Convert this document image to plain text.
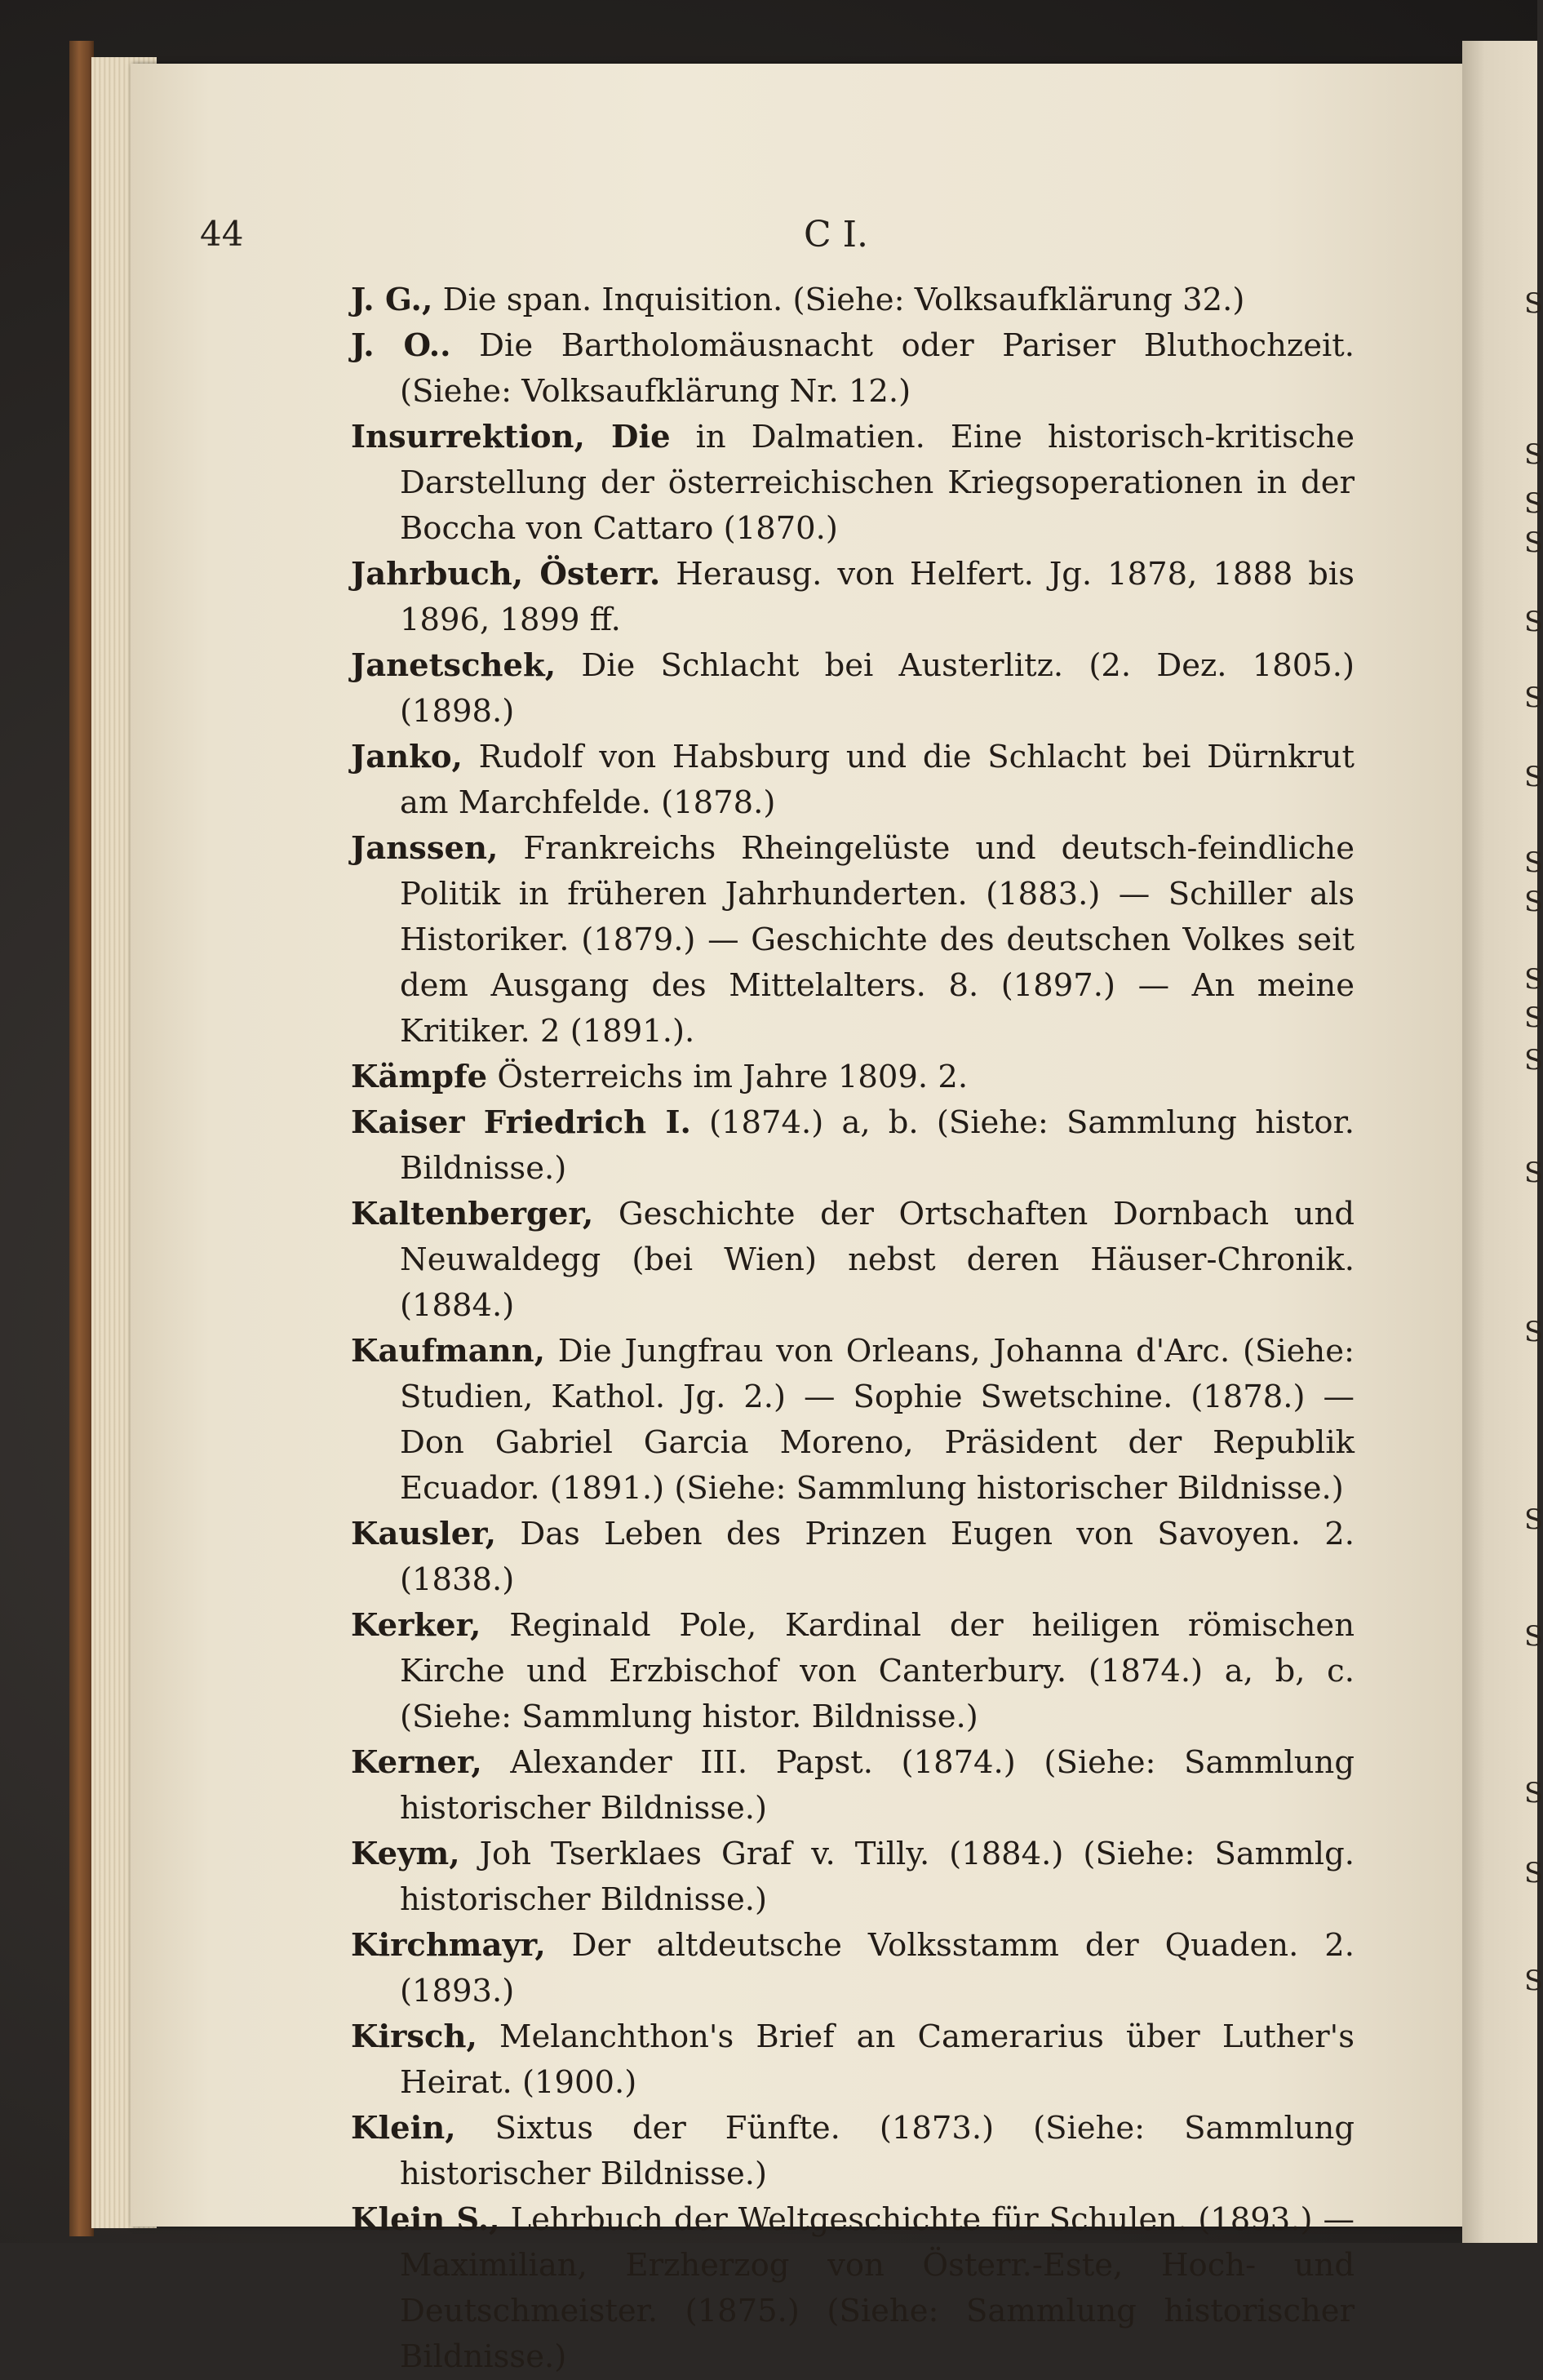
S
S
S
S
S
S
S
S
S
S
S
S
S
S
S
S
S
S
S
44	C I.

J. G., Die span. Inquisition. (Siehe: Volksaufklärung 32.)

J. O.. Die Bartholomäusnacht oder Pariser Bluthochzeit. (Siehe: Volksaufklärung Nr. 12.)

Insurrektion, Die in Dalmatien. Eine historisch-kritische Darstellung der österreichischen Kriegsoperationen in der Boccha von Cattaro (1870.)

Jahrbuch, Österr. Herausg. von Helfert. Jg. 1878, 1888 bis 1896, 1899 ff.

Janetschek, Die Schlacht bei Austerlitz. (2. Dez. 1805.) (1898.)

Janko, Rudolf von Habsburg und die Schlacht bei Dürnkrut am Marchfelde. (1878.)

Janssen, Frankreichs Rheingelüste und deutsch-feindliche Politik in früheren Jahrhunderten. (1883.) — Schiller als Historiker. (1879.) — Geschichte des deutschen Volkes seit dem Ausgang des Mittelalters. 8. (1897.) — An meine Kritiker. 2 (1891.).

Kämpfe Österreichs im Jahre 1809. 2.

Kaiser Friedrich I. (1874.) a, b. (Siehe: Sammlung histor. Bildnisse.)

Kaltenberger, Geschichte der Ortschaften Dornbach und Neuwaldegg (bei Wien) nebst deren Häuser-Chronik. (1884.)

Kaufmann, Die Jungfrau von Orleans, Johanna d'Arc. (Siehe: Studien, Kathol. Jg. 2.) — Sophie Swetschine. (1878.) — Don Gabriel Garcia Moreno, Präsident der Republik Ecuador. (1891.) (Siehe: Sammlung historischer Bildnisse.)

Kausler, Das Leben des Prinzen Eugen von Savoyen. 2. (1838.)

Kerker, Reginald Pole, Kardinal der heiligen römischen Kirche und Erzbischof von Canterbury. (1874.) a, b, c. (Siehe: Sammlung histor. Bildnisse.)

Kerner, Alexander III. Papst. (1874.) (Siehe: Sammlung historischer Bildnisse.)

Keym, Joh Tserklaes Graf v. Tilly. (1884.) (Siehe: Sammlg. historischer Bildnisse.)

Kirchmayr, Der altdeutsche Volksstamm der Quaden. 2. (1893.)

Kirsch, Melanchthon's Brief an Camerarius über Luther's Heirat. (1900.)

Klein, Sixtus der Fünfte. (1873.) (Siehe: Sammlung historischer Bildnisse.)

Klein S., Lehrbuch der Weltgeschichte für Schulen. (1893.) — Maximilian, Erzherzog von Österr.-Este, Hoch- und Deutschmeister. (1875.) (Siehe: Sammlung historischer Bildnisse.)
